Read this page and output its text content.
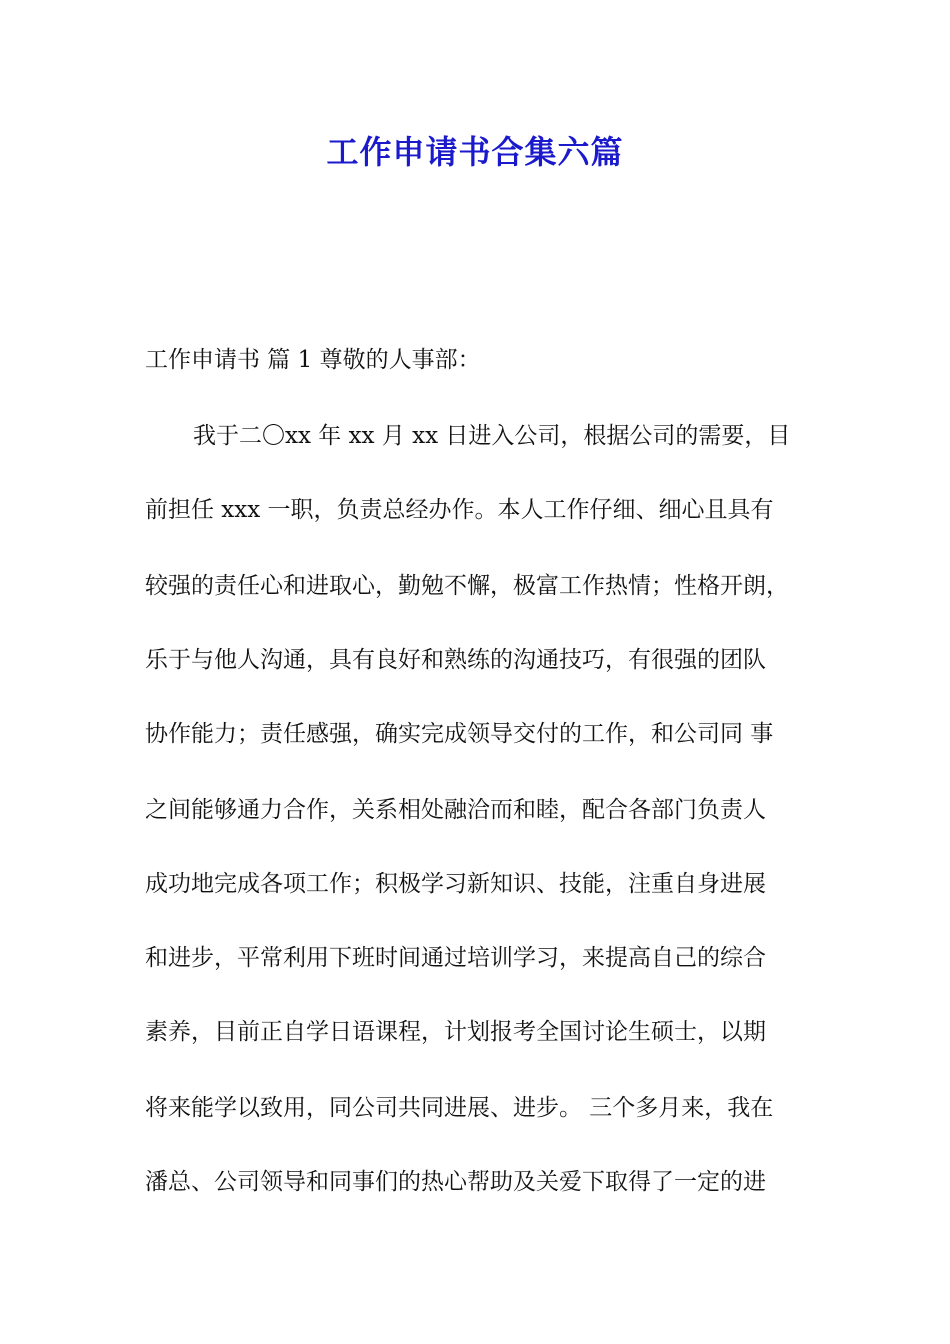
工作申请书合集六篇
工作申请书 篇 1 尊敬的人事部：
我于二〇xx 年 xx 月 xx 日进入公司，根据公司的需要，目
前担任 xxx 一职，负责总经办作。本人工作仔细、细心且具有
较强的责任心和进取心，勤勉不懈，极富工作热情；性格开朗，
乐于与他人沟通，具有良好和熟练的沟通技巧，有很强的团队
协作能力；责任感强，确实完成领导交付的工作，和公司同 事
之间能够通力合作，关系相处融洽而和睦，配合各部门负责人
成功地完成各项工作；积极学习新知识、技能，注重自身进展
和进步，平常利用下班时间通过培训学习，来提高自己的综合
素养，目前正自学日语课程，计划报考全国讨论生硕士，以期
将来能学以致用，同公司共同进展、进步。 三个多月来，我在
潘总、公司领导和同事们的热心帮助及关爱下取得了一定的进
